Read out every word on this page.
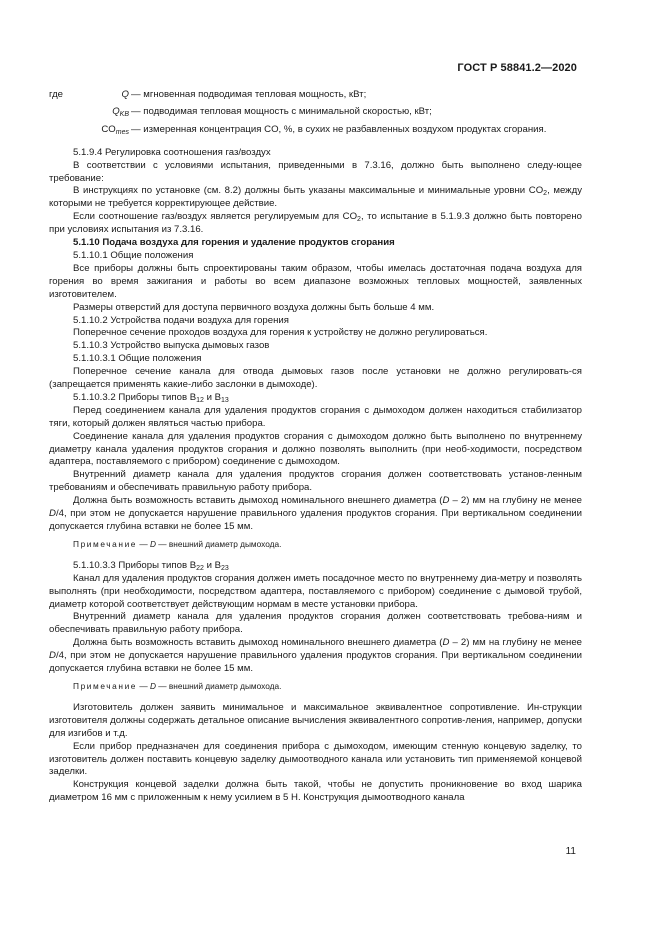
ГОСТ Р 58841.2—2020
где	Q — мгновенная подводимая тепловая мощность, кВт;
$Q_{KB}$ — подводимая тепловая мощность с минимальной скоростью, кВт;
$CO_{mes}$ — измеренная концентрация CO, %, в сухих не разбавленных воздухом продуктах сгорания.

5.1.9.4 Регулировка соотношения газ/воздух

В соответствии с условиями испытания, приведенными в 7.3.16, должно быть выполнено следу-ющее требование:

В инструкциях по установке (см. 8.2) должны быть указаны максимальные и минимальные уровни $CO_2$, между которыми не требуется корректирующее действие.

Если соотношение газ/воздух является регулируемым для $CO_2$, то испытание в 5.1.9.3 должно быть повторено при условиях испытания из 7.3.16.

5.1.10 Подача воздуха для горения и удаление продуктов сгорания

5.1.10.1 Общие положения

Все приборы должны быть спроектированы таким образом, чтобы имелась достаточная подача воздуха для горения во время зажигания и работы во всем диапазоне возможных тепловых мощностей, заявленных изготовителем.

Размеры отверстий для доступа первичного воздуха должны быть больше 4 мм.

5.1.10.2 Устройства подачи воздуха для горения

Поперечное сечение проходов воздуха для горения к устройству не должно регулироваться.

5.1.10.3 Устройство выпуска дымовых газов

5.1.10.3.1 Общие положения

Поперечное сечение канала для отвода дымовых газов после установки не должно регулировать-ся (запрещается применять какие-либо заслонки в дымоходе).

5.1.10.3.2 Приборы типов $B_{12}$ и $B_{13}$

Перед соединением канала для удаления продуктов сгорания с дымоходом должен находиться стабилизатор тяги, который должен являться частью прибора.

Соединение канала для удаления продуктов сгорания с дымоходом должно быть выполнено по внутреннему диаметру канала удаления продуктов сгорания и должно позволять выполнить (при необ-ходимости, посредством адаптера, поставляемого с прибором) соединение с дымоходом.

Внутренний диаметр канала для удаления продуктов сгорания должен соответствовать установ-ленным требованиям и обеспечивать правильную работу прибора.

Должна быть возможность вставить дымоход номинального внешнего диаметра (D – 2) мм на глубину не менее D/4, при этом не допускается нарушение правильного удаления продуктов сгорания. При вертикальном соединении допускается глубина вставки не более 15 мм.

Примечание — D — внешний диаметр дымохода.

5.1.10.3.3 Приборы типов $B_{22}$ и $B_{23}$

Канал для удаления продуктов сгорания должен иметь посадочное место по внутреннему диа-метру и позволять выполнять (при необходимости, посредством адаптера, поставляемого с прибором) соединение с дымовой трубой, диаметр которой соответствует действующим нормам в месте установки прибора.

Внутренний диаметр канала для удаления продуктов сгорания должен соответствовать требова-ниям и обеспечивать правильную работу прибора.

Должна быть возможность вставить дымоход номинального внешнего диаметра (D – 2) мм на глубину не менее D/4, при этом не допускается нарушение правильного удаления продуктов сгорания. При вертикальном соединении допускается глубина вставки не более 15 мм.

Примечание — D — внешний диаметр дымохода.

Изготовитель должен заявить минимальное и максимальное эквивалентное сопротивление. Ин-струкции изготовителя должны содержать детальное описание вычисления эквивалентного сопротив-ления, например, допуски для изгибов и т.д.

Если прибор предназначен для соединения прибора с дымоходом, имеющим стенную концевую заделку, то изготовитель должен поставить концевую заделку дымоотводного канала или установить тип применяемой концевой заделки.

Конструкция концевой заделки должна быть такой, чтобы не допустить проникновение во вход шарика диаметром 16 мм с приложенным к нему усилием в 5 Н. Конструкция дымоотводного канала

11
